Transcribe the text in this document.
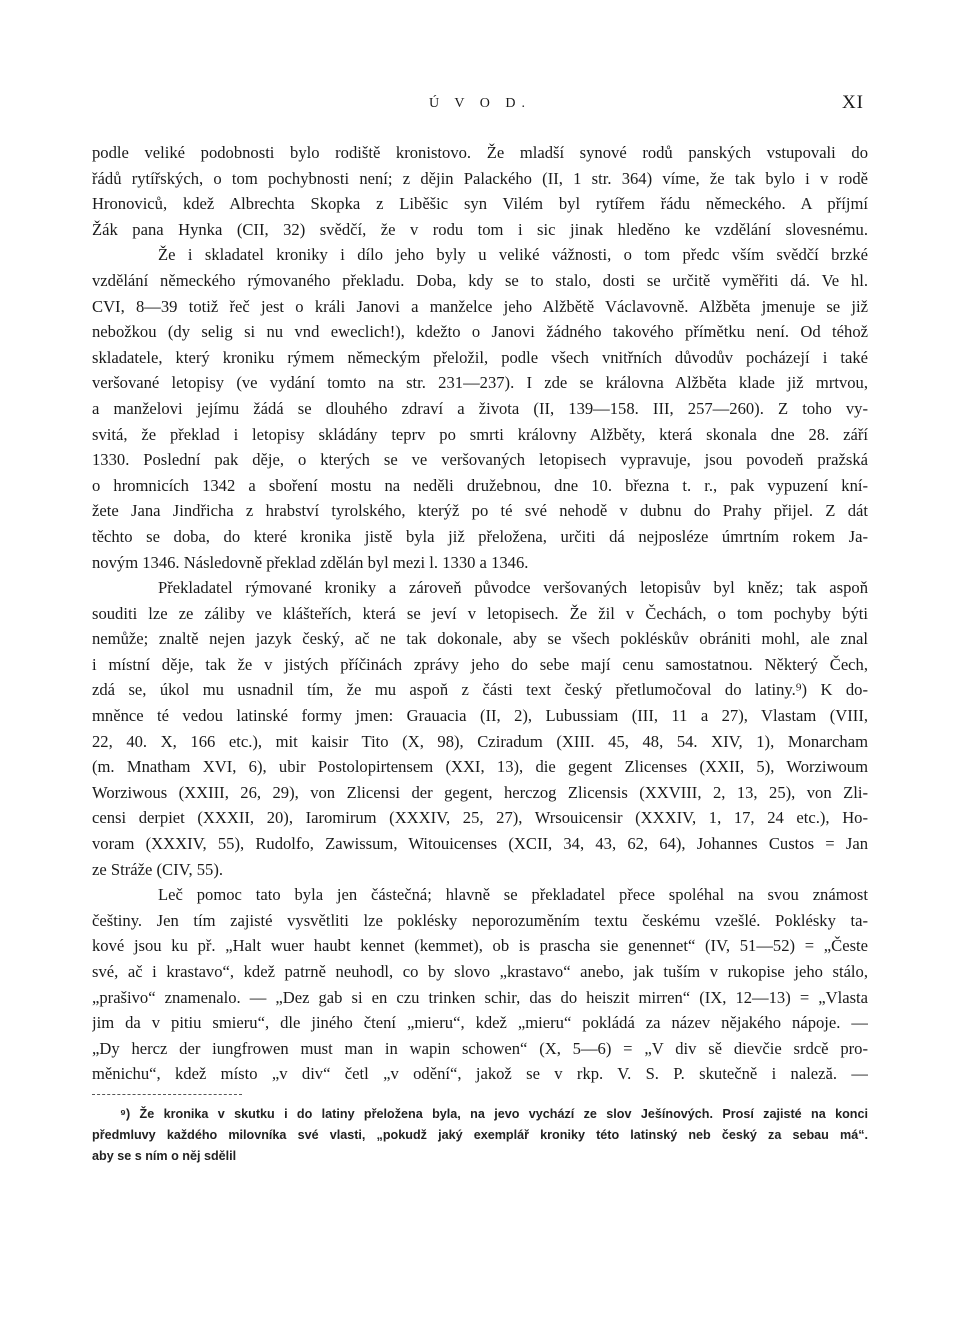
Ú V O D.	XI
podle veliké podobnosti bylo rodiště kronistovo. Že mladší synové rodů panských vstupovali do
řádů rytířských, o tom pochybnosti není; z dějin Palackého (II, 1 str. 364) víme, že tak bylo i v rodě
Hronoviců, kdež Albrechta Skopka z Liběšic syn Vilém byl rytířem řádu německého. A příjmí
Žák pana Hynka (CII, 32) svědčí, že v rodu tom i sic jinak hleděno ke vzdělání slovesnému.
Že i skladatel kroniky i dílo jeho byly u veliké vážnosti, o tom předc vším svědčí brzké
vzdělání německého rýmovaného překladu. Doba, kdy se to stalo, dosti se určitě vyměřiti dá. Ve hl.
CVI, 8—39 totiž řeč jest o králi Janovi a manželce jeho Alžbětě Václavovně. Alžběta jmenuje se již
nebožkou (dy selig si nu vnd eweclich!), kdežto o Janovi žádného takového přímětku není. Od téhož
skladatele, který kroniku rýmem německým přeložil, podle všech vnitřních důvodův pocházejí i také
veršované letopisy (ve vydání tomto na str. 231—237). I zde se královna Alžběta klade již mrtvou,
a manželovi jejímu žádá se dlouhého zdraví a života (II, 139—158. III, 257—260). Z toho vy-
svitá, že překlad i letopisy skládány teprv po smrti královny Alžběty, která skonala dne 28. září
1330. Poslední pak děje, o kterých se ve veršovaných letopisech vypravuje, jsou povodeň pražská
o hromnicích 1342 a sboření mostu na neděli družebnou, dne 10. března t. r., pak vypuzení kní-
žete Jana Jindřicha z hrabství tyrolského, kterýž po té své nehodě v dubnu do Prahy přijel. Z dát
těchto se doba, do které kronika jistě byla již přeložena, určiti dá nejposléze úmrtním rokem Ja-
novým 1346. Následovně překlad zdělán byl mezi l. 1330 a 1346.
Překladatel rýmované kroniky a zároveň původce veršovaných letopisův byl kněz; tak aspoň
souditi lze ze záliby ve klášteřích, která se jeví v letopisech. Že žil v Čechách, o tom pochyby býti
nemůže; znaltě nejen jazyk český, ač ne tak dokonale, aby se všech pokléskův obrániti mohl, ale znal
i místní děje, tak že v jistých příčinách zprávy jeho do sebe mají cenu samostatnou. Některý Čech,
zdá se, úkol mu usnadnil tím, že mu aspoň z části text český přetlumočoval do latiny.⁹) K do-
mněnce té vedou latinské formy jmen: Grauacia (II, 2), Lubussiam (III, 11 a 27), Vlastam (VIII,
22, 40. X, 166 etc.), mit kaisir Tito (X, 98), Cziradum (XIII. 45, 48, 54. XIV, 1), Monarcham
(m. Mnatham XVI, 6), ubir Postolopirtensem (XXI, 13), die gegent Zlicenses (XXII, 5), Worziwoum
Worziwous (XXIII, 26, 29), von Zlicensi der gegent, herczog Zlicensis (XXVIII, 2, 13, 25), von Zli-
censi derpiet (XXXII, 20), Iaromirum (XXXIV, 25, 27), Wrsouicensir (XXXIV, 1, 17, 24 etc.), Ho-
voram (XXXIV, 55), Rudolfo, Zawissum, Witouicenses (XCII, 34, 43, 62, 64), Johannes Custos = Jan
ze Stráže (CIV, 55).
Leč pomoc tato byla jen částečná; hlavně se překladatel přece spoléhal na svou známost
češtiny. Jen tím zajisté vysvětliti lze poklésky neporozuměním textu českému vzešlé. Poklésky ta-
kové jsou ku př. „Halt wuer haubt kennet (kemmet), ob is prascha sie genennet“ (IV, 51—52) = „Česte
své, ač i krastavo“, kdež patrně neuhodl, co by slovo „krastavo“ anebo, jak tuším v rukopise jeho stálo,
„prašivo“ znamenalo. — „Dez gab si en czu trinken schir, das do heiszit mirren“ (IX, 12—13) = „Vlasta
jim da v pitiu smieru“, dle jiného čtení „mieru“, kdež „mieru“ pokládá za název nějakého nápoje. —
„Dy hercz der iungfrowen must man in wapin schowen“ (X, 5—6) = „V div sě dievčie srdcě pro-
měnichu“, kdež místo „v div“ četl „v odění“, jakož se v rkp. V. S. P. skutečně i naleză. —
⁹) Že kronika v skutku i do latiny přeložena byla, na jevo vychází ze slov Ješínových. Prosí zajisté na konci
předmluvy každého milovníka své vlasti, „pokudž jaký exemplář kroniky této latinský neb český za sebau má“.
aby se s ním o něj sdělil
